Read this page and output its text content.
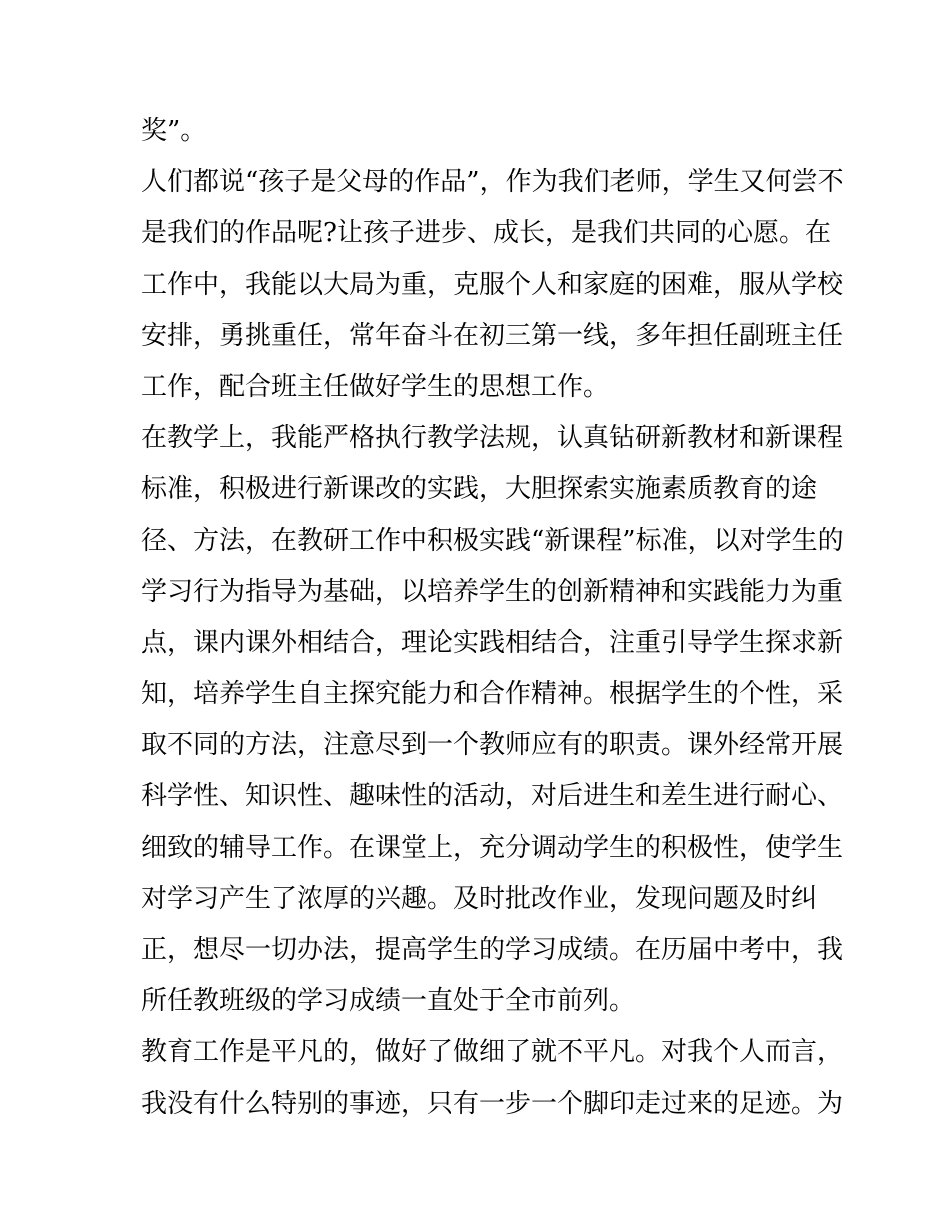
奖”。
人们都说“孩子是父母的作品”，作为我们老师，学生又何尝不
是我们的作品呢?让孩子进步、成长，是我们共同的心愿。在
工作中，我能以大局为重，克服个人和家庭的困难，服从学校
安排，勇挑重任，常年奋斗在初三第一线，多年担任副班主任
工作，配合班主任做好学生的思想工作。
在教学上，我能严格执行教学法规，认真钻研新教材和新课程
标准，积极进行新课改的实践，大胆探索实施素质教育的途
径、方法，在教研工作中积极实践“新课程”标准，以对学生的
学习行为指导为基础，以培养学生的创新精神和实践能力为重
点，课内课外相结合，理论实践相结合，注重引导学生探求新
知，培养学生自主探究能力和合作精神。根据学生的个性，采
取不同的方法，注意尽到一个教师应有的职责。课外经常开展
科学性、知识性、趣味性的活动，对后进生和差生进行耐心、
细致的辅导工作。在课堂上，充分调动学生的积极性，使学生
对学习产生了浓厚的兴趣。及时批改作业，发现问题及时纠
正，想尽一切办法，提高学生的学习成绩。在历届中考中，我
所任教班级的学习成绩一直处于全市前列。
教育工作是平凡的，做好了做细了就不平凡。对我个人而言，
我没有什么特别的事迹，只有一步一个脚印走过来的足迹。为
